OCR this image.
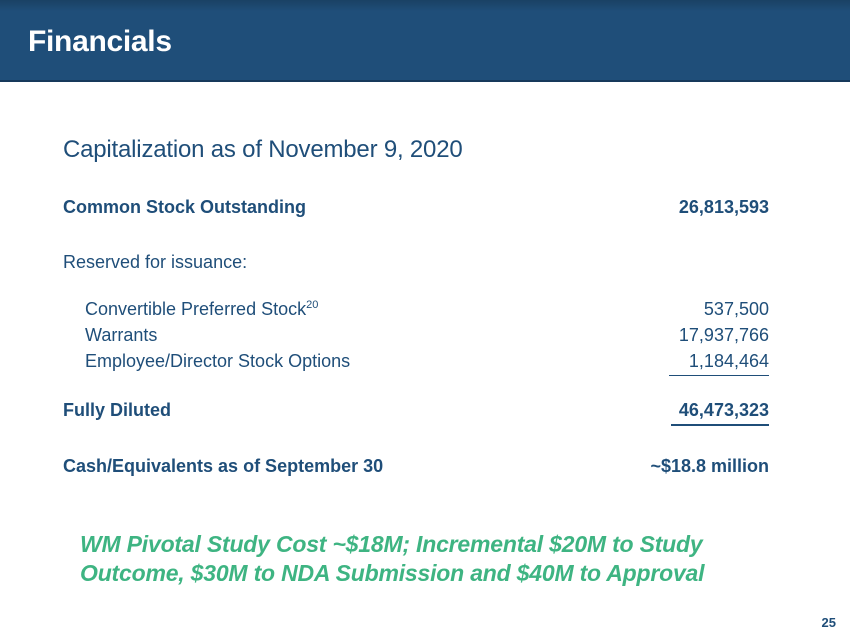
Financials
Capitalization as of November 9, 2020
Common Stock Outstanding	26,813,593
Reserved for issuance:
Convertible Preferred Stock$^{20}$	537,500
Warrants	17,937,766
Employee/Director Stock Options	1,184,464
Fully Diluted	46,473,323
Cash/Equivalents as of September 30	~$18.8 million
WM Pivotal Study Cost ~$18M; Incremental $20M to Study
Outcome, $30M to NDA Submission and $40M to Approval
25
